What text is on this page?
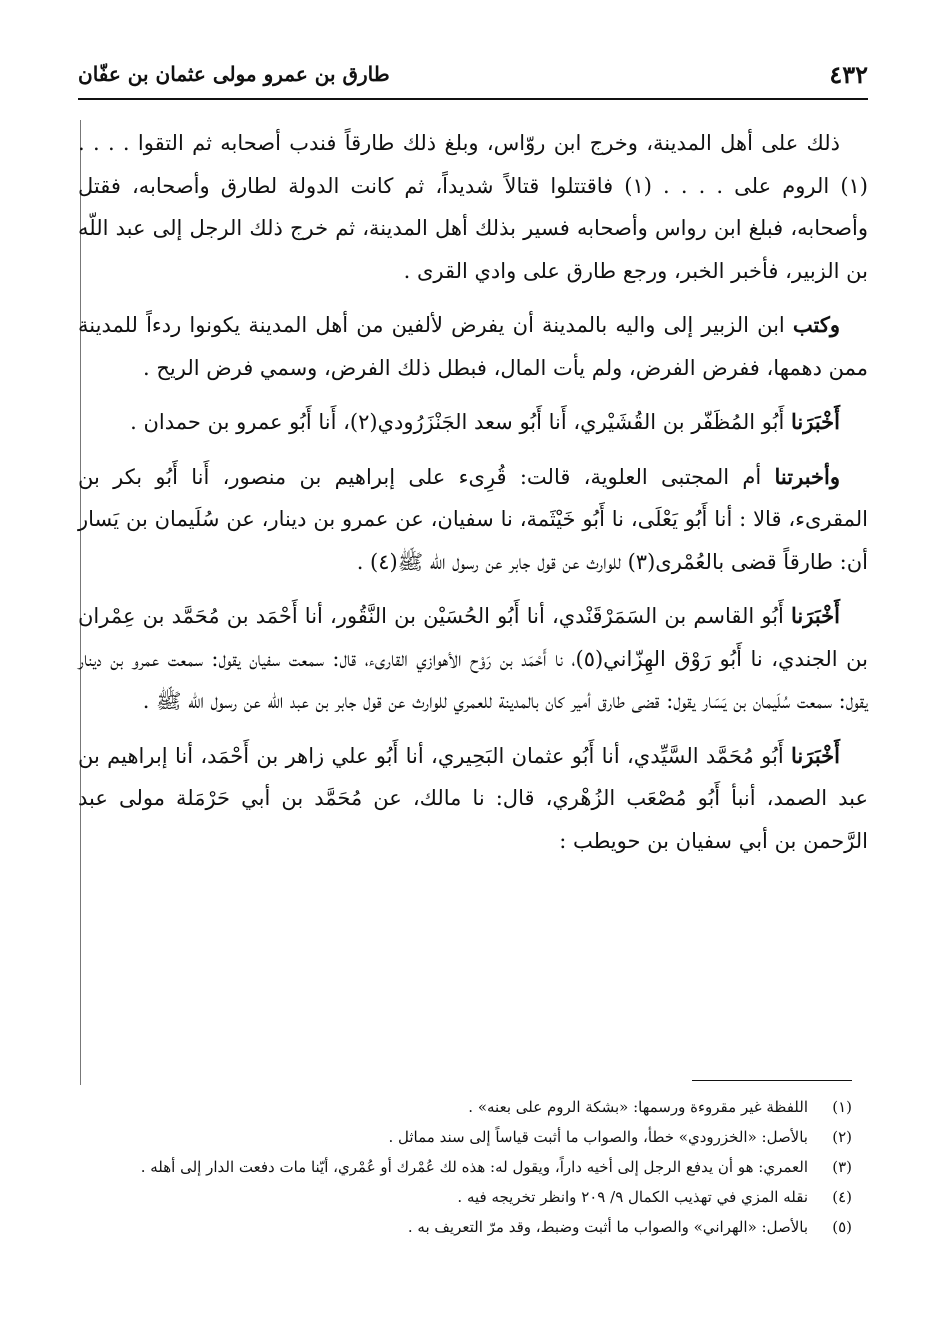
٤٣٢
طارق بن عمرو مولى عثمان بن عفّان

ذلك على أهل المدينة، وخرج ابن روّاس، وبلغ ذلك طارقاً فندب أصحابه ثم التقوا . . . . (١) الروم على . . . . (١) فاقتتلوا قتالاً شديداً، ثم كانت الدولة لطارق وأصحابه، فقتل وأصحابه، فبلغ ابن رواس وأصحابه فسير بذلك أهل المدينة، ثم خرج ذلك الرجل إلى عبد اللّه بن الزبير، فأخبر الخبر، ورجع طارق على وادي القرى .

وكتب ابن الزبير إلى واليه بالمدينة أن يفرض لألفين من أهل المدينة يكونوا ردءاً للمدينة ممن دهمها، ففرض الفرض، ولم يأت المال، فبطل ذلك الفرض، وسمي فرض الريح .

أَخْبَرَنا أَبُو المُظَفّر بن القُشَيْري، أَنا أَبُو سعد الجَنْزَرُودي(٢)، أَنا أَبُو عمرو بن حمدان .

وأخبرتنا أم المجتبى العلوية، قالت: قُرِىء على إبراهيم بن منصور، أَنا أَبُو بكر بن المقرىء، قالا : أنا أَبُو يَعْلَى، نا أَبُو خَيْثَمة، نا سفيان، عن عمرو بن دينار، عن سُلَيمان بن يَسار أن: طارقاً قضى بالعُمْرى(٣) للوارث عن قول جابر عن رسول الله ﷺ(٤) .

أَخْبَرَنا أَبُو القاسم بن السَمَرْقَنْدي، أنا أَبُو الحُسَيْن بن النَّقُور، أنا أَحْمَد بن مُحَمَّد بن عِمْران بن الجندي، نا أَبُو رَوْق الهِزّاني(٥)، نا أَحْمَد بن رَوْح الأهوازي القارىء، قال: سمعت سفيان يقول: سمعت عمرو بن دينار يقول: سمعت سُلَيمان بن يَسَار يقول: قضى طارق أمير كان بالمدينة للعمري للوارث عن قول جابر بن عبد اللّه عن رسول الله ﷺ .

أَخْبَرَنا أَبُو مُحَمَّد السَّيِّدي، أنا أَبُو عثمان البَحِيري، أنا أَبُو علي زاهر بن أَحْمَد، أنا إبراهيم بن عبد الصمد، أنبأ أَبُو مُصْعَب الزُهْري، قال: نا مالك، عن مُحَمَّد بن أبي حَرْمَلة مولى عبد الرَّحمن بن أبي سفيان بن حويطب :

(١)
اللفظة غير مقروءة ورسمها: «بشكة الروم على بعنه» .
(٢)
بالأصل: «الخزرودي» خطأ، والصواب ما أثبت قياساً إلى سند مماثل .
(٣)
العمري: هو أن يدفع الرجل إلى أخيه داراً، ويقول له: هذه لك عُمْرك أو عُمْري، أيّنا مات دفعت الدار إلى أهله .
(٤)
نقله المزي في تهذيب الكمال ٩/ ٢٠٩ وانظر تخريجه فيه .
(٥)
بالأصل: «الهراني» والصواب ما أثبت وضبط، وقد مرّ التعريف به .
